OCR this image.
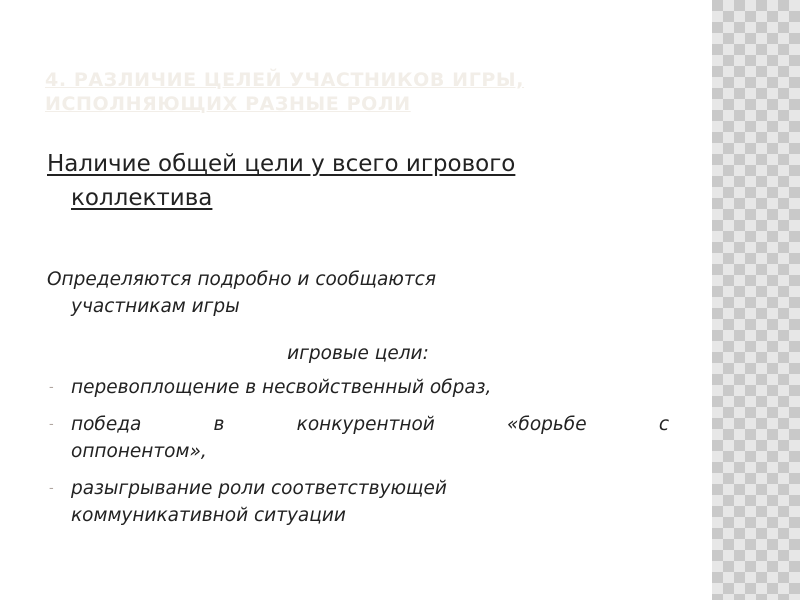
4. РАЗЛИЧИЕ ЦЕЛЕЙ УЧАСТНИКОВ ИГРЫ,
ИСПОЛНЯЮЩИХ РАЗНЫЕ РОЛИ
Наличие общей цели у всего игрового
коллектива
Определяются подробно и сообщаются
участникам игры
игровые цели:
- перевоплощение в несвойственный образ,
- победа в конкурентной «борьбе с
оппонентом»,
- разыгрывание роли соответствующей
коммуникативной ситуации
